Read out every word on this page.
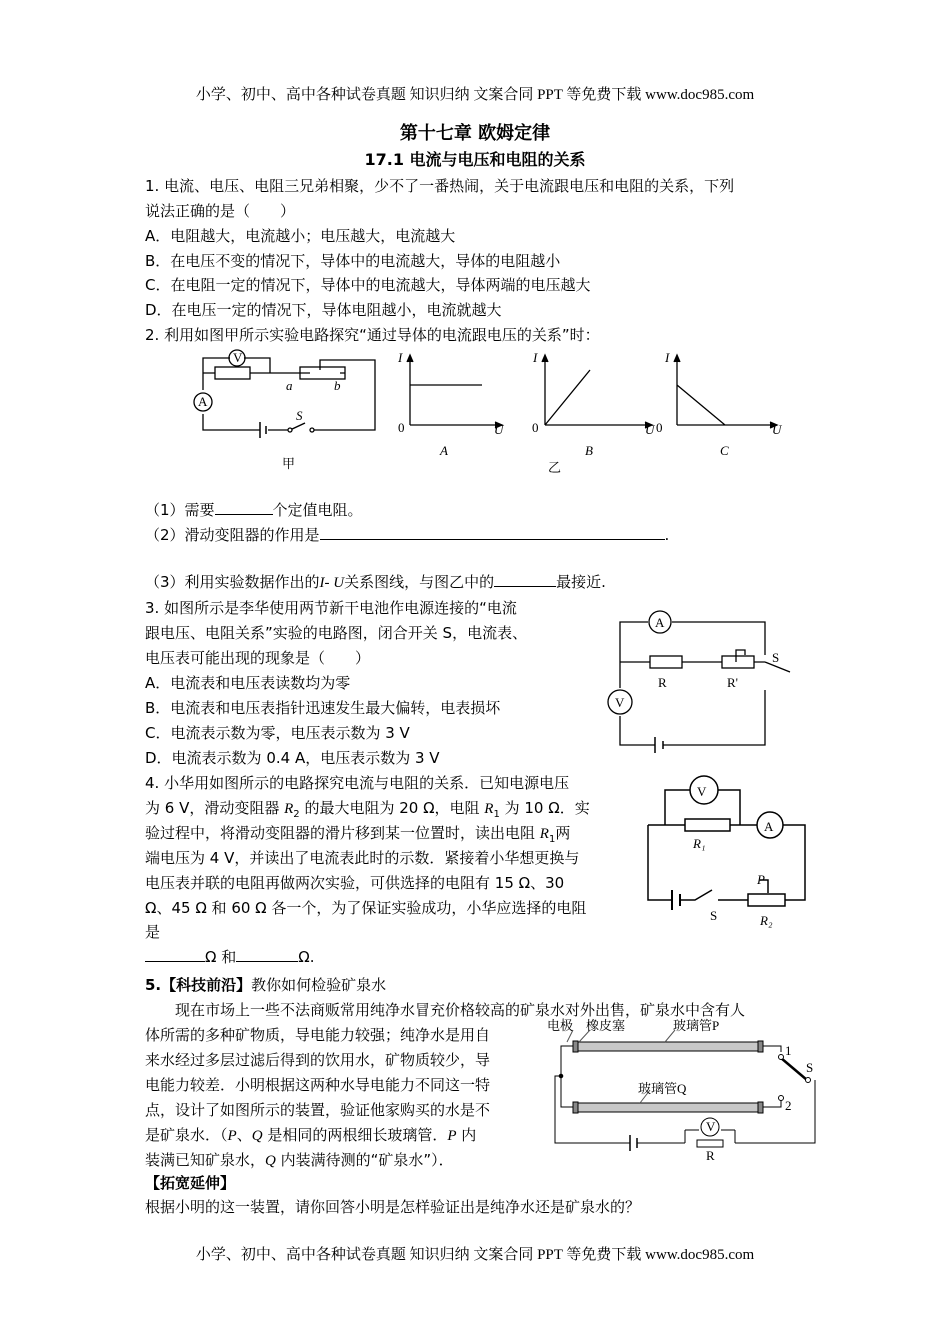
小学、初中、高中各种试卷真题 知识归纳 文案合同 PPT 等免费下载 www.doc985.com
第十七章 欧姆定律
17.1 电流与电压和电阻的关系
1. 电流、电压、电阻三兄弟相聚，少不了一番热闹，关于电流跟电压和电阻的关系，下列
说法正确的是（　　）
A．电阻越大，电流越小；电压越大，电流越大
B．在电压不变的情况下，导体中的电流越大，导体的电阻越小
C．在电阻一定的情况下，导体中的电流越大，导体两端的电压越大
D．在电压一定的情况下，导体电阻越小，电流就越大
2. 利用如图甲所示实验电路探究“通过导体的电流跟电压的关系”时：
V
A
a	b
S
甲
I
0	U
A
I
0	U
B
乙
I
0	U
C
（1）需要	个定值电阻。
（2）滑动变阻器的作用是	.
（3）利用实验数据作出的I- U关系图线，与图乙中的	最接近.
3. 如图所示是李华使用两节新干电池作电源连接的“电流
跟电压、电阻关系”实验的电路图，闭合开关 S，电流表、
电压表可能出现的现象是（　　）
A．电流表和电压表读数均为零
B．电流表和电压表指针迅速发生最大偏转，电表损坏
C．电流表示数为零，电压表示数为 3 V
D．电流表示数为 0.4 A，电压表示数为 3 V
A
V
R	R'
S
4. 小华用如图所示的电路探究电流与电阻的关系．已知电源电压
为 6 V，滑动变阻器 $R_2$ 的最大电阻为 20 Ω，电阻 $R_1$ 为 10 Ω．实
验过程中，将滑动变阻器的滑片移到某一位置时，读出电阻 $R_1$两
端电压为 4 V，并读出了电流表此时的示数．紧接着小华想更换与
电压表并联的电阻再做两次实验，可供选择的电阻有 15 Ω、30
Ω、45 Ω 和 60 Ω 各一个，为了保证实验成功，小华应选择的电阻
是
Ω 和	Ω.
V
A
R₁
P
S	R₂
5.【科技前沿】教你如何检验矿泉水
现在市场上一些不法商贩常用纯净水冒充价格较高的矿泉水对外出售，矿泉水中含有人
体所需的多种矿物质，导电能力较强；纯净水是用自
来水经过多层过滤后得到的饮用水，矿物质较少，导
电能力较差．小明根据这两种水导电能力不同这一特
点，设计了如图所示的装置，验证他家购买的水是不
是矿泉水．（P、Q 是相同的两根细长玻璃管．P 内
装满已知矿泉水，Q 内装满待测的“矿泉水”）．
【拓宽延伸】
根据小明的这一装置，请你回答小明是怎样验证出是纯净水还是矿泉水的？
电极 橡皮塞	玻璃管P
玻璃管Q
1
2
S
V
R
小学、初中、高中各种试卷真题 知识归纳 文案合同 PPT 等免费下载 www.doc985.com
